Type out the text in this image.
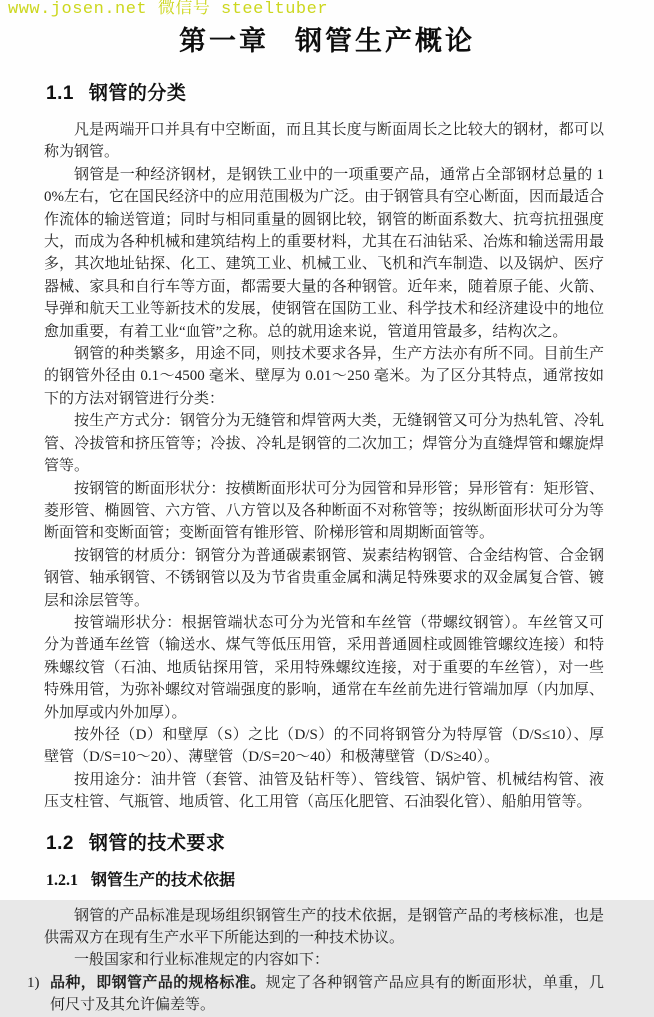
www.josen.net 微信号 steeltuber
第一章 钢管生产概论
1.1 钢管的分类

凡是两端开口并具有中空断面，而且其长度与断面周长之比较大的钢材，都可以称为钢管。

钢管是一种经济钢材，是钢铁工业中的一项重要产品，通常占全部钢材总量的 10%左右，它在国民经济中的应用范围极为广泛。由于钢管具有空心断面，因而最适合作流体的输送管道；同时与相同重量的圆钢比较，钢管的断面系数大、抗弯抗扭强度大，而成为各种机械和建筑结构上的重要材料，尤其在石油钻采、冶炼和输送需用最多，其次地址钻探、化工、建筑工业、机械工业、飞机和汽车制造、以及锅炉、医疗器械、家具和自行车等方面，都需要大量的各种钢管。近年来，随着原子能、火箭、导弹和航天工业等新技术的发展，使钢管在国防工业、科学技术和经济建设中的地位愈加重要，有着工业“血管”之称。总的就用途来说，管道用管最多，结构次之。

钢管的种类繁多，用途不同，则技术要求各异，生产方法亦有所不同。目前生产的钢管外径由 0.1～4500 毫米、壁厚为 0.01～250 毫米。为了区分其特点，通常按如下的方法对钢管进行分类：

按生产方式分：钢管分为无缝管和焊管两大类，无缝钢管又可分为热轧管、冷轧管、冷拔管和挤压管等；冷拔、冷轧是钢管的二次加工；焊管分为直缝焊管和螺旋焊管等。

按钢管的断面形状分：按横断面形状可分为园管和异形管；异形管有：矩形管、菱形管、椭圆管、六方管、八方管以及各种断面不对称管等；按纵断面形状可分为等断面管和变断面管；变断面管有锥形管、阶梯形管和周期断面管等。

按钢管的材质分：钢管分为普通碳素钢管、炭素结构钢管、合金结构管、合金钢钢管、轴承钢管、不锈钢管以及为节省贵重金属和满足特殊要求的双金属复合管、镀层和涂层管等。

按管端形状分：根据管端状态可分为光管和车丝管（带螺纹钢管）。车丝管又可分为普通车丝管（输送水、煤气等低压用管，采用普通圆柱或圆锥管螺纹连接）和特殊螺纹管（石油、地质钻探用管，采用特殊螺纹连接，对于重要的车丝管），对一些特殊用管，为弥补螺纹对管端强度的影响，通常在车丝前先进行管端加厚（内加厚、外加厚或内外加厚）。

按外径（D）和壁厚（S）之比（D/S）的不同将钢管分为特厚管（D/S≤10）、厚壁管（D/S=10～20）、薄壁管（D/S=20～40）和极薄壁管（D/S≥40）。

按用途分：油井管（套管、油管及钻杆等）、管线管、锅炉管、机械结构管、液压支柱管、气瓶管、地质管、化工用管（高压化肥管、石油裂化管）、船舶用管等。

1.2 钢管的技术要求
1.2.1 钢管生产的技术依据

钢管的产品标准是现场组织钢管生产的技术依据，是钢管产品的考核标准，也是供需双方在现有生产水平下所能达到的一种技术协议。

一般国家和行业标准规定的内容如下：

1) 品种，即钢管产品的规格标准。规定了各种钢管产品应具有的断面形状，单重，几何尺寸及其允许偏差等。
